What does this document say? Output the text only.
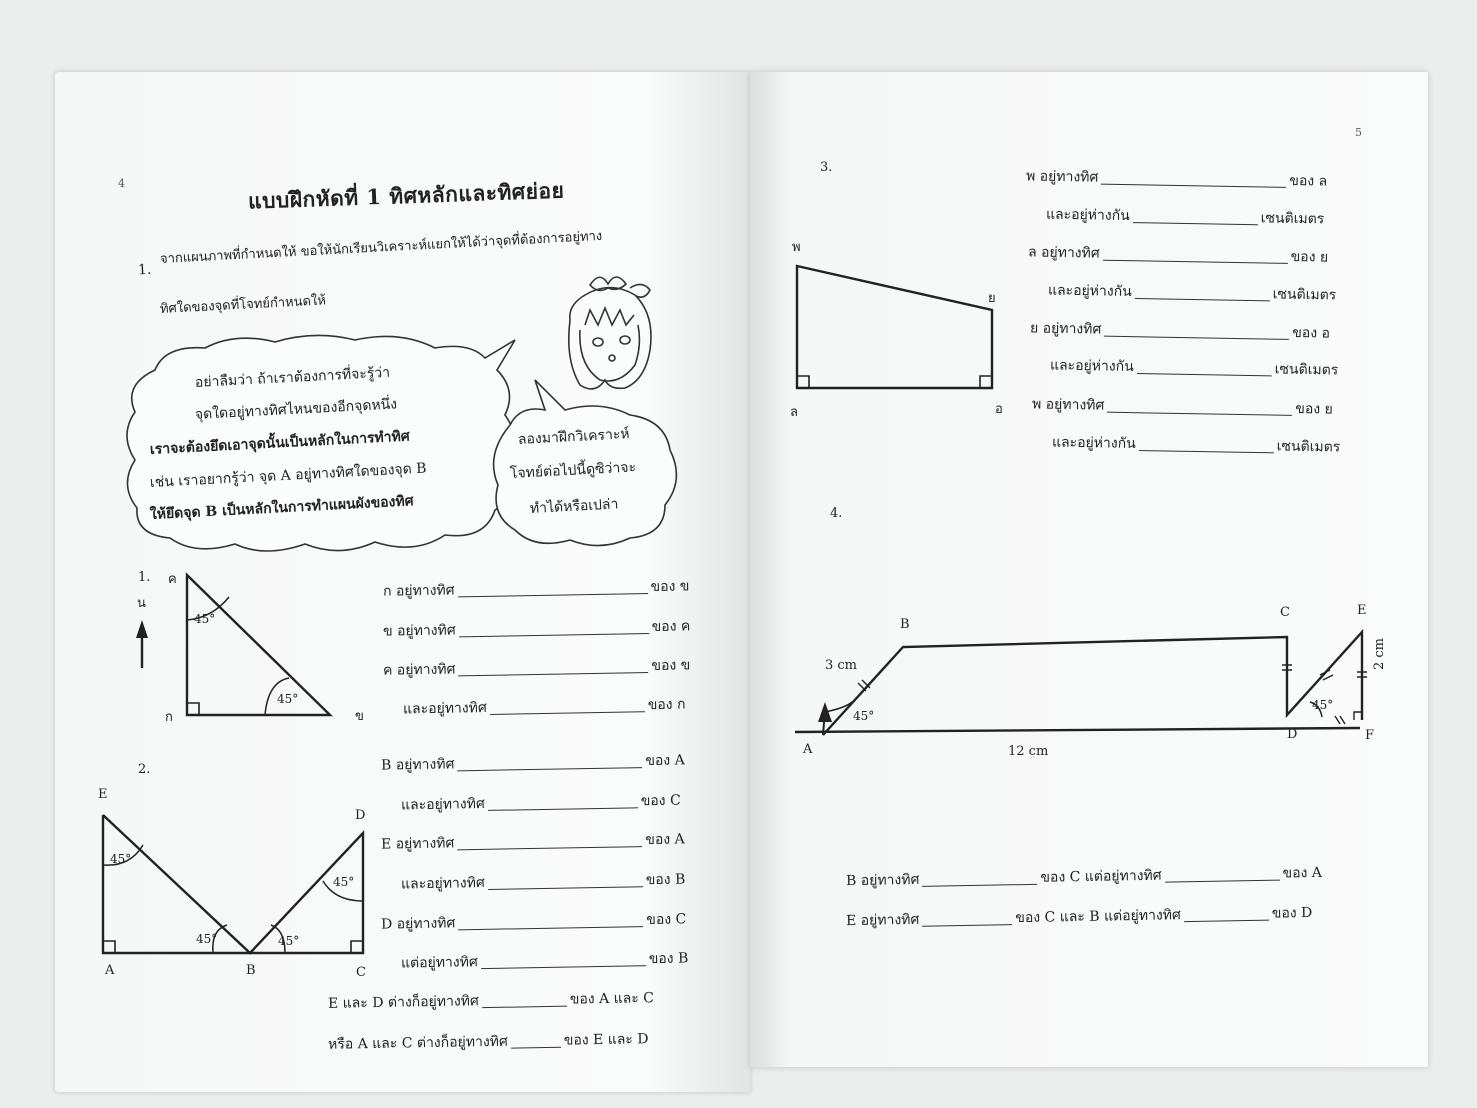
4	แบบฝึกหัดที่ 1 ทิศหลักและทิศย่อย
1.
จากแผนภาพที่กำหนดให้ ขอให้นักเรียนวิเคราะห์แยกให้ได้ว่าจุดที่ต้องการอยู่ทาง
ทิศใดของจุดที่โจทย์กำหนดให้
อย่าลืมว่า ถ้าเราต้องการที่จะรู้ว่า
จุดใดอยู่ทางทิศไหนของอีกจุดหนึ่ง
เราจะต้องยึดเอาจุดนั้นเป็นหลักในการทำทิศ
เช่น เราอยากรู้ว่า จุด A อยู่ทางทิศใดของจุด B
ให้ยึดจุด B เป็นหลักในการทำแผนผังของทิศ
ลองมาฝึกวิเคราะห์
โจทย์ต่อไปนี้ดูซิว่าจะ
ทำได้หรือเปล่า
1.
น
ค
ก	ข
45°
45°
ก อยู่ทางทิศ	ของ ข
ข อยู่ทางทิศ	ของ ค
ค อยู่ทางทิศ	ของ ข
และอยู่ทางทิศ	ของ ก
2.
E
A	B	C
D
45°
45°	45°
45°
B อยู่ทางทิศ	ของ A
และอยู่ทางทิศ	ของ C
E อยู่ทางทิศ	ของ A
และอยู่ทางทิศ	ของ B
D อยู่ทางทิศ	ของ C
แต่อยู่ทางทิศ	ของ B
E และ D ต่างก็อยู่ทางทิศ	ของ A และ C
หรือ A และ C ต่างก็อยู่ทางทิศ	ของ E และ D
5
3.
พ
ย
ล	อ
พ อยู่ทางทิศ	ของ ล
และอยู่ห่างกัน	เซนติเมตร
ล อยู่ทางทิศ	ของ ย
และอยู่ห่างกัน	เซนติเมตร
ย อยู่ทางทิศ	ของ อ
และอยู่ห่างกัน	เซนติเมตร
พ อยู่ทางทิศ	ของ ย
และอยู่ห่างกัน	เซนติเมตร
4.
A
B
C
D
E
F
3 cm
12 cm
2 cm
45°
45°
B อยู่ทางทิศ	ของ C แต่อยู่ทางทิศ	ของ A
E อยู่ทางทิศ	ของ C และ B แต่อยู่ทางทิศ	ของ D
